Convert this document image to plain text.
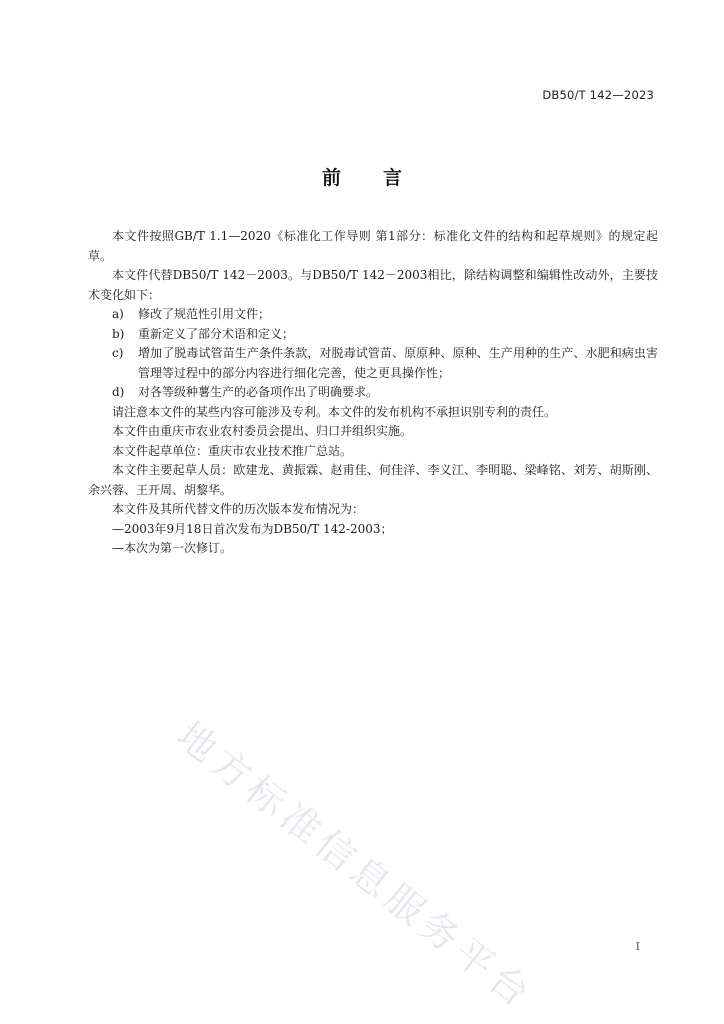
DB50/T 142—2023
前言

本文件按照GB/T 1.1—2020《标准化工作导则 第1部分：标准化文件的结构和起草规则》的规定起草。

本文件代替DB50/T 142－2003。与DB50/T 142－2003相比，除结构调整和编辑性改动外，主要技术变化如下：

a)	修改了规范性引用文件；
b)	重新定义了部分术语和定义；
c)	增加了脱毒试管苗生产条件条款，对脱毒试管苗、原原种、原种、生产用种的生产、水肥和病虫害管理等过程中的部分内容进行细化完善，使之更具操作性；
d)	对各等级种薯生产的必备项作出了明确要求。

请注意本文件的某些内容可能涉及专利。本文件的发布机构不承担识别专利的责任。

本文件由重庆市农业农村委员会提出、归口并组织实施。

本文件起草单位：重庆市农业技术推广总站。

本文件主要起草人员：欧建龙、黄振霖、赵甫佳、何佳洋、李义江、李明聪、梁峰铭、刘芳、胡斯刚、余兴蓉、王开周、胡黎华。

本文件及其所代替文件的历次版本发布情况为：

—2003年9月18日首次发布为DB50/T 142-2003；

—本次为第一次修订。

地方标准信息服务平台	I
